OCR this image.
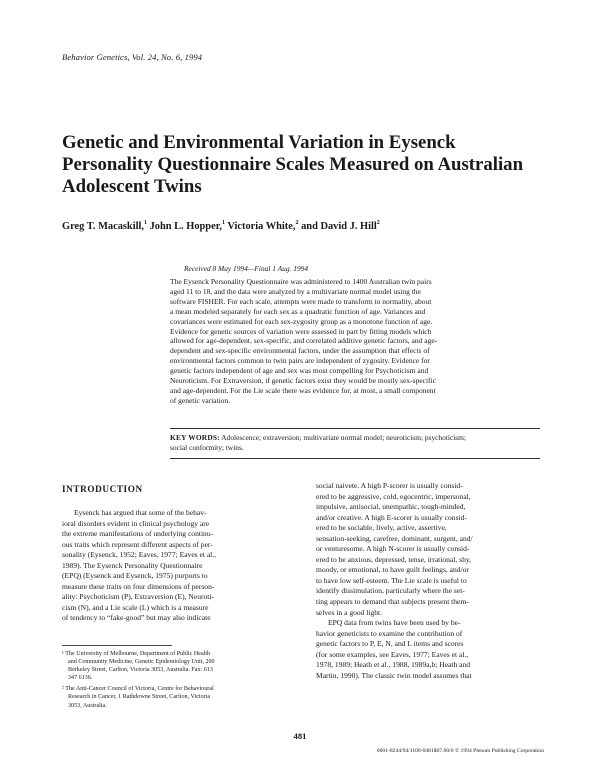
Behavior Genetics, Vol. 24, No. 6, 1994
Genetic and Environmental Variation in Eysenck
Personality Questionnaire Scales Measured on Australian
Adolescent Twins
Greg T. Macaskill,$^1$ John L. Hopper,$^1$ Victoria White,$^2$ and David J. Hill$^2$
Received 8 May 1994—Final 1 Aug. 1994

The Eysenck Personality Questionnaire was administered to 1400 Australian twin pairs
aged 11 to 18, and the data were analyzed by a multivariate normal model using the
software FISHER. For each scale, attempts were made to transform to normality, about
a mean modeled separately for each sex as a quadratic function of age. Variances and
covariances were estimated for each sex-zygosity group as a monotone function of age.
Evidence for genetic sources of variation were assessed in part by fitting models which
allowed for age-dependent, sex-specific, and correlated additive genetic factors, and age-
dependent and sex-specific environmental factors, under the assumption that effects of
environmental factors common to twin pairs are independent of zygosity. Evidence for
genetic factors independent of age and sex was most compelling for Psychoticism and
Neuroticism. For Extraversion, if genetic factors exist they would be mostly sex-specific
and age-dependent. For the Lie scale there was evidence for, at most, a small component
of genetic variation.

KEY WORDS: Adolescence; extraversion; multivariate normal model; neuroticism; psychoticism;
social conformity; twins.

INTRODUCTION

Eysenck has argued that some of the behav-
ioral disorders evident in clinical psychology are
the extreme manifestations of underlying continu-
ous traits which represent different aspects of per-
sonality (Eysenck, 1952; Eaves, 1977; Eaves et al.,
1989). The Eysenck Personality Questionnaire
(EPQ) (Eysenck and Eysenck, 1975) purports to
measure these traits on four dimensions of person-
ality: Psychoticism (P), Extraversion (E), Neuroti-
cism (N), and a Lie scale (L) which is a measure
of tendency to “fake-good” but may also indicate

¹ The University of Melbourne, Department of Public Health
and Community Medicine, Genetic Epidemiology Unit, 200
Berkeley Street, Carlton, Victoria 3053, Australia. Fax: 613
347 6136.
² The Anti-Cancer Council of Victoria, Centre for Behavioural
Research in Cancer, 1 Rathdowne Street, Carlton, Victoria
3053, Australia.

social naivete. A high P-scorer is usually consid-
ered to be aggressive, cold, egocentric, impersonal,
impulsive, antisocial, unempathic, tough-minded,
and/or creative. A high E-scorer is usually consid-
ered to be sociable, lively, active, assertive,
sensation-seeking, carefree, dominant, surgent, and/
or venturesome. A high N-scorer is usually consid-
ered to be anxious, depressed, tense, irrational, shy,
moody, or emotional, to have guilt feelings, and/or
to have low self-esteem. The Lie scale is useful to
identify dissimulation, particularly where the set-
ting appears to demand that subjects present them-
selves in a good light.
EPQ data from twins have been used by be-
havior geneticists to examine the contribution of
genetic factors to P, E, N, and L items and scores
(for some examples, see Eaves, 1977; Eaves et al.,
1978, 1989; Heath et al., 1988, 1989a,b; Heath and
Martin, 1990). The classic twin model assumes that

481
0001-8244/94/1100-0481$07.00/0 © 1994 Plenum Publishing Corporation
